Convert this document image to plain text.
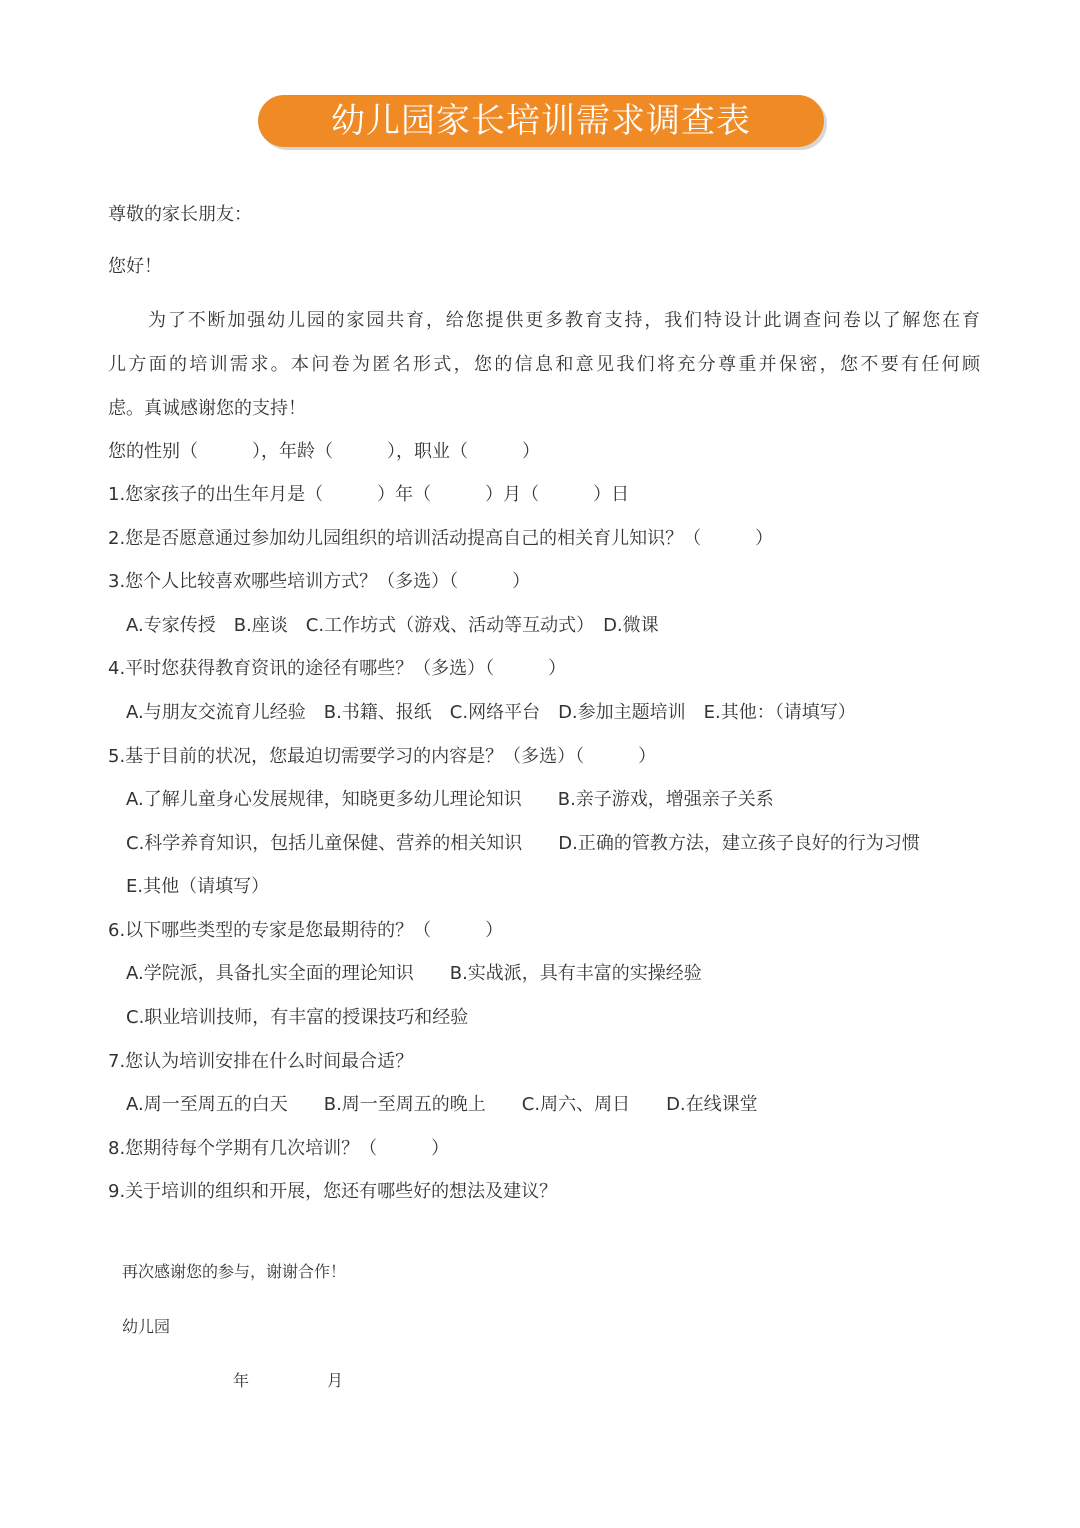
幼儿园家长培训需求调查表
尊敬的家长朋友：
您好！
为了不断加强幼儿园的家园共育，给您提供更多教育支持，我们特设计此调查问卷以了解您在育
儿方面的培训需求。本问卷为匿名形式，您的信息和意见我们将充分尊重并保密，您不要有任何顾
虑。真诚感谢您的支持！
您的性别（　　　），年龄（　　　），职业（　　　）
1.您家孩子的出生年月是（　　　）年（　　　）月（　　　）日
2.您是否愿意通过参加幼儿园组织的培训活动提高自己的相关育儿知识？（　　　）
3.您个人比较喜欢哪些培训方式？（多选）（　　　）
A.专家传授　B.座谈　C.工作坊式（游戏、活动等互动式）　D.微课
4.平时您获得教育资讯的途径有哪些？（多选）（　　　）
A.与朋友交流育儿经验　B.书籍、报纸　C.网络平台　D.参加主题培训　E.其他：（请填写）
5.基于目前的状况，您最迫切需要学习的内容是？（多选）（　　　）
A.了解儿童身心发展规律，知晓更多幼儿理论知识　　B.亲子游戏，增强亲子关系
C.科学养育知识，包括儿童保健、营养的相关知识　　D.正确的管教方法，建立孩子良好的行为习惯
E.其他（请填写）
6.以下哪些类型的专家是您最期待的？（　　　）
A.学院派，具备扎实全面的理论知识　　B.实战派，具有丰富的实操经验
C.职业培训技师，有丰富的授课技巧和经验
7.您认为培训安排在什么时间最合适？
A.周一至周五的白天　　B.周一至周五的晚上　　C.周六、周日　　D.在线课堂
8.您期待每个学期有几次培训？（　　　）
9.关于培训的组织和开展，您还有哪些好的想法及建议？
再次感谢您的参与，谢谢合作！
幼儿园
年	月
